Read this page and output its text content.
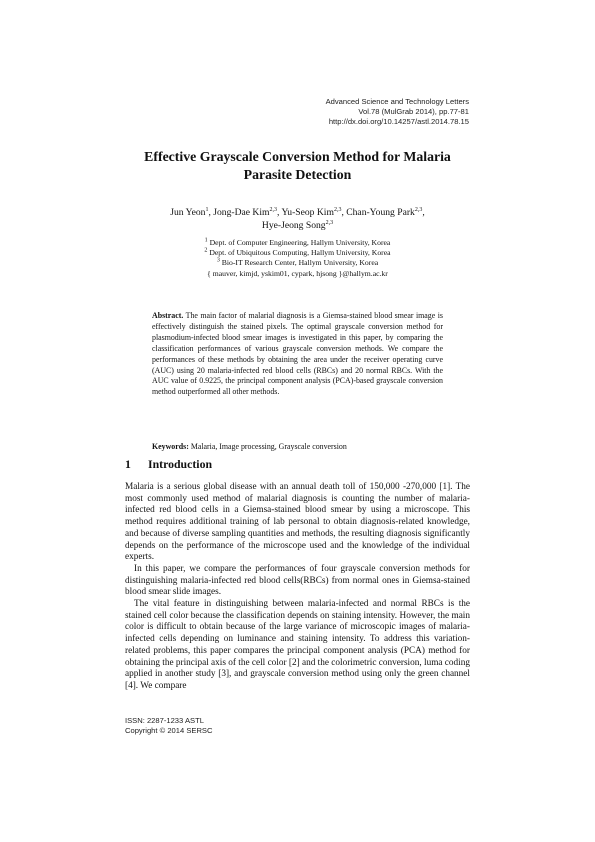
Advanced Science and Technology Letters
Vol.78 (MulGrab 2014), pp.77-81
http://dx.doi.org/10.14257/astl.2014.78.15
Effective Grayscale Conversion Method for Malaria
Parasite Detection
Jun Yeon$^1$, Jong-Dae Kim$^{2,3}$, Yu-Seop Kim$^{2,3}$, Chan-Young Park$^{2,3}$,
Hye-Jeong Song$^{2,3}$
$^1$ Dept. of Computer Engineering, Hallym University, Korea
$^2$ Dept. of Ubiquitous Computing, Hallym University, Korea
$^3$ Bio-IT Research Center, Hallym University, Korea
{ mauver, kimjd, yskim01, cypark, hjsong }@hallym.ac.kr
Abstract. The main factor of malarial diagnosis is a Giemsa-stained blood smear image is effectively distinguish the stained pixels. The optimal grayscale conversion method for plasmodium-infected blood smear images is investigated in this paper, by comparing the classification performances of various grayscale conversion methods. We compare the performances of these methods by obtaining the area under the receiver operating curve (AUC) using 20 malaria-infected red blood cells (RBCs) and 20 normal RBCs. With the AUC value of 0.9225, the principal component analysis (PCA)-based grayscale conversion method outperformed all other methods.
Keywords: Malaria, Image processing, Grayscale conversion
1 Introduction

Malaria is a serious global disease with an annual death toll of 150,000 -270,000 [1]. The most commonly used method of malarial diagnosis is counting the number of malaria-infected red blood cells in a Giemsa-stained blood smear by using a microscope. This method requires additional training of lab personal to obtain diagnosis-related knowledge, and because of diverse sampling quantities and methods, the resulting diagnosis significantly depends on the performance of the microscope used and the knowledge of the individual experts.

In this paper, we compare the performances of four grayscale conversion methods for distinguishing malaria-infected red blood cells(RBCs) from normal ones in Giemsa-stained blood smear slide images.

The vital feature in distinguishing between malaria-infected and normal RBCs is the stained cell color because the classification depends on staining intensity. However, the main color is difficult to obtain because of the large variance of microscopic images of malaria-infected cells depending on luminance and staining intensity. To address this variation-related problems, this paper compares the principal component analysis (PCA) method for obtaining the principal axis of the cell color [2] and the colorimetric conversion, luma coding applied in another study [3], and grayscale conversion method using only the green channel [4]. We compare

ISSN: 2287-1233 ASTL
Copyright © 2014 SERSC
